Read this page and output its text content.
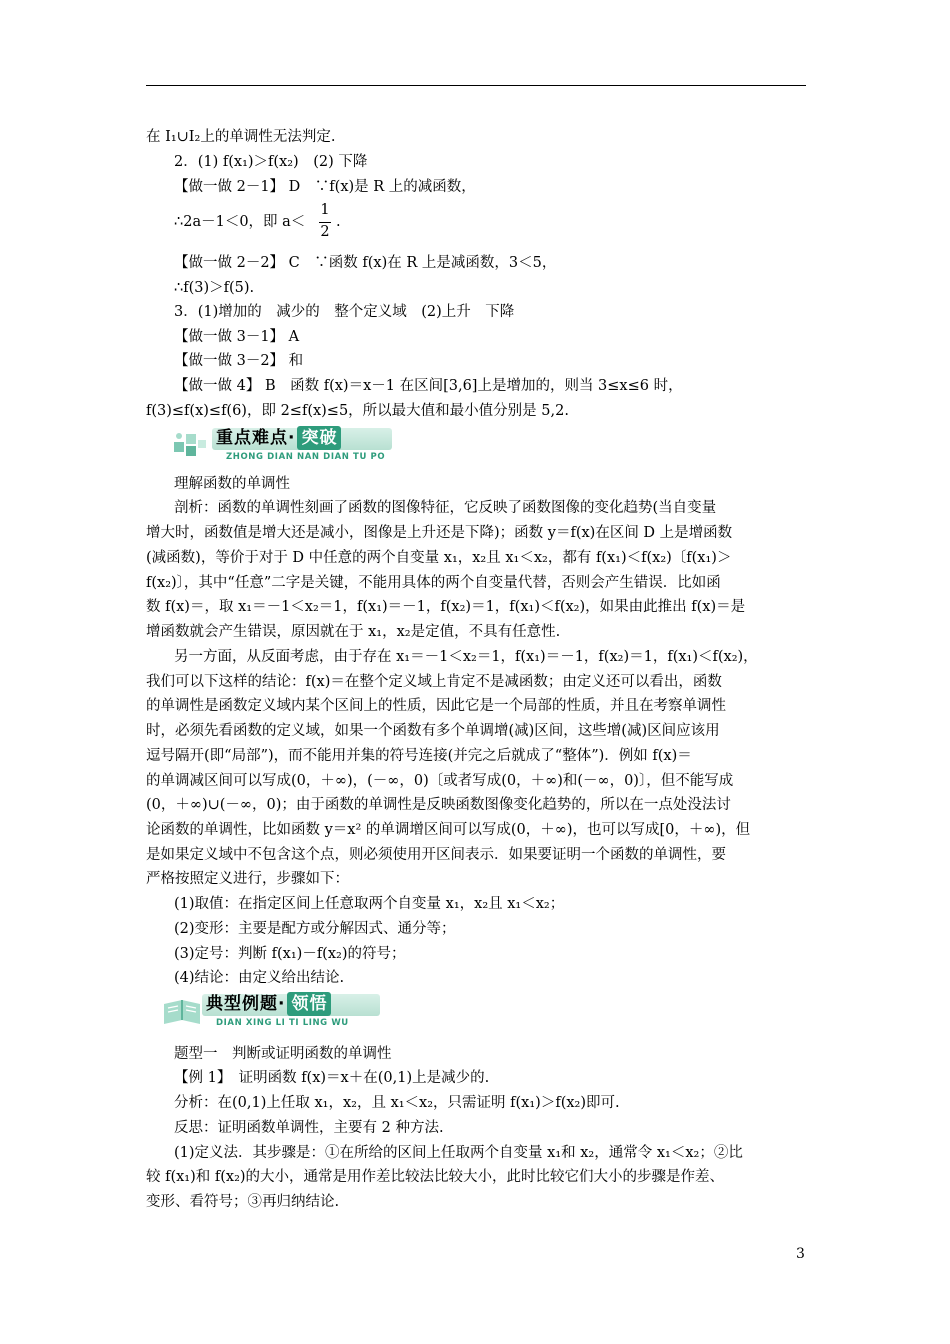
在 I₁∪I₂上的单调性无法判定.
2．(1) f(x₁)＞f(x₂)　(2) 下降
【做一做 2－1】 D　∵f(x)是 R 上的减函数，
∴2a－1＜0，即 a＜
1
2
.
【做一做 2－2】 C　∵函数 f(x)在 R 上是减函数，3＜5，
∴f(3)＞f(5).
3．(1)增加的　减少的　整个定义域　(2)上升　下降
【做一做 3－1】 A
【做一做 3－2】 和
【做一做 4】 B　函数 f(x)＝x－1 在区间[3,6]上是增加的，则当 3≤x≤6 时，
f(3)≤f(x)≤f(6)，即 2≤f(x)≤5，所以最大值和最小值分别是 5,2.
重点难点· 突破
ZHONG DIAN NAN DIAN TU PO
理解函数的单调性
剖析：函数的单调性刻画了函数的图像特征，它反映了函数图像的变化趋势(当自变量
增大时，函数值是增大还是减小，图像是上升还是下降)；函数 y＝f(x)在区间 D 上是增函数
(减函数)，等价于对于 D 中任意的两个自变量 x₁，x₂且 x₁＜x₂，都有 f(x₁)＜f(x₂)〔f(x₁)＞
f(x₂)〕，其中“任意”二字是关键，不能用具体的两个自变量代替，否则会产生错误．比如函
数 f(x)＝，取 x₁＝－1＜x₂＝1，f(x₁)＝－1，f(x₂)＝1，f(x₁)＜f(x₂)，如果由此推出 f(x)＝是
增函数就会产生错误，原因就在于 x₁，x₂是定值，不具有任意性.
另一方面，从反面考虑，由于存在 x₁＝－1＜x₂＝1，f(x₁)＝－1，f(x₂)＝1，f(x₁)＜f(x₂)，
我们可以下这样的结论：f(x)＝在整个定义域上肯定不是减函数；由定义还可以看出，函数
的单调性是函数定义域内某个区间上的性质，因此它是一个局部的性质，并且在考察单调性
时，必须先看函数的定义域，如果一个函数有多个单调增(减)区间，这些增(减)区间应该用
逗号隔开(即“局部”)，而不能用并集的符号连接(并完之后就成了“整体”)．例如 f(x)＝
的单调减区间可以写成(0，＋∞)，(－∞，0)〔或者写成(0，＋∞)和(－∞，0)〕，但不能写成
(0，＋∞)∪(－∞，0)；由于函数的单调性是反映函数图像变化趋势的，所以在一点处没法讨
论函数的单调性，比如函数 y＝x² 的单调增区间可以写成(0，＋∞)，也可以写成[0，＋∞)，但
是如果定义域中不包含这个点，则必须使用开区间表示．如果要证明一个函数的单调性，要
严格按照定义进行，步骤如下：
(1)取值：在指定区间上任意取两个自变量 x₁，x₂且 x₁＜x₂；
(2)变形：主要是配方或分解因式、通分等；
(3)定号：判断 f(x₁)－f(x₂)的符号；
(4)结论：由定义给出结论.
典型例题· 领悟
DIAN XING LI TI LING WU
题型一　判断或证明函数的单调性
【例 1】　证明函数 f(x)＝x＋在(0,1)上是减少的.
分析：在(0,1)上任取 x₁，x₂，且 x₁＜x₂，只需证明 f(x₁)＞f(x₂)即可.
反思：证明函数单调性，主要有 2 种方法.
(1)定义法．其步骤是：①在所给的区间上任取两个自变量 x₁和 x₂，通常令 x₁＜x₂；②比
较 f(x₁)和 f(x₂)的大小，通常是用作差比较法比较大小，此时比较它们大小的步骤是作差、
变形、看符号；③再归纳结论.
3
